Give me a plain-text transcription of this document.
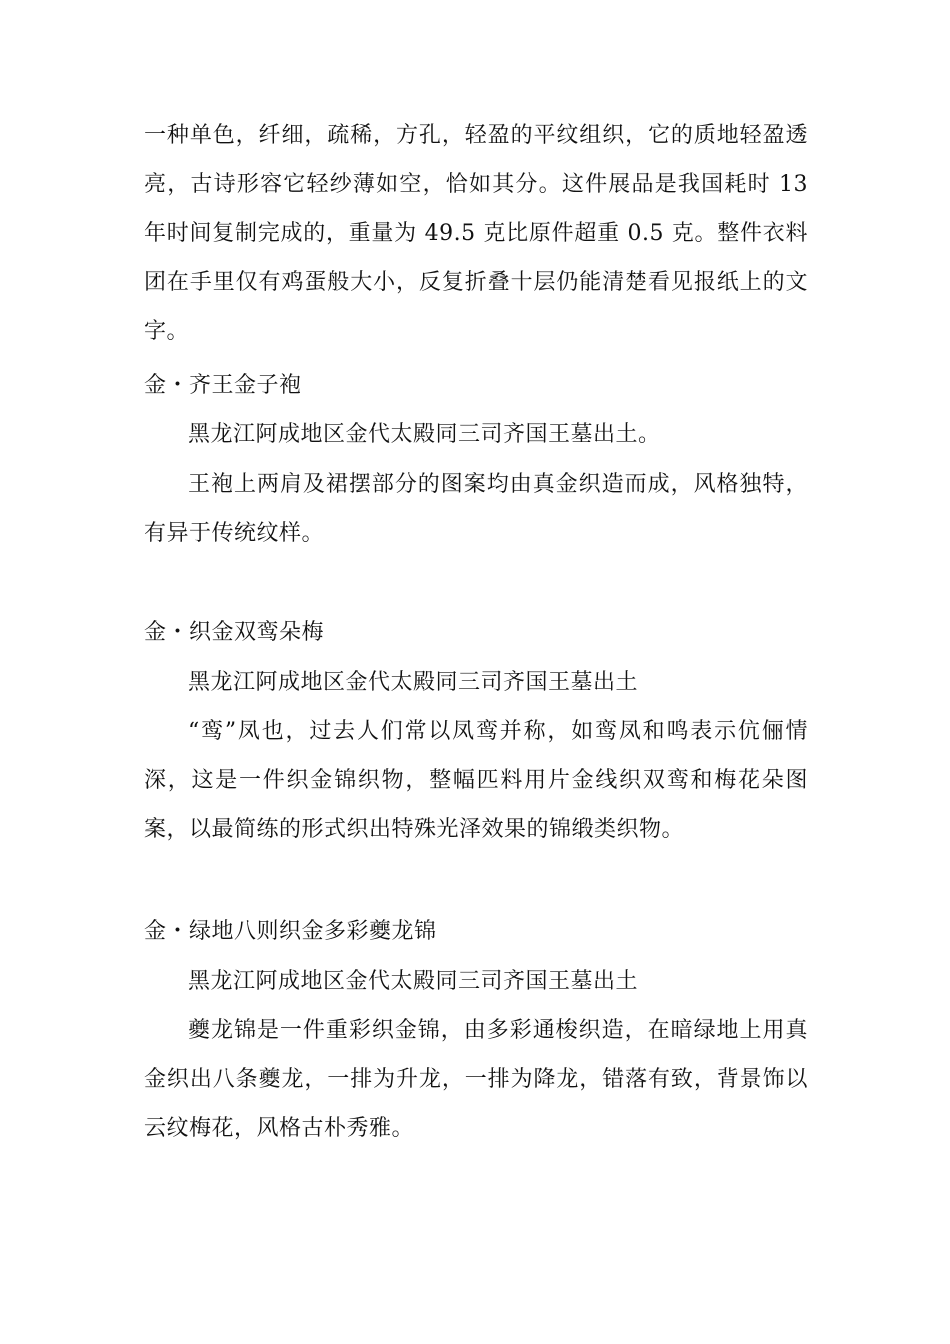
一种单色，纤细，疏稀，方孔，轻盈的平纹组织，它的质地轻盈透亮，古诗形容它轻纱薄如空，恰如其分。这件展品是我国耗时 13 年时间复制完成的，重量为 49.5 克比原件超重 0.5 克。整件衣料团在手里仅有鸡蛋般大小，反复折叠十层仍能清楚看见报纸上的文字。

金・齐王金子袍

黑龙江阿成地区金代太殿同三司齐国王墓出土。

王袍上两肩及裙摆部分的图案均由真金织造而成，风格独特，有异于传统纹样。

金・织金双鸾朵梅

黑龙江阿成地区金代太殿同三司齐国王墓出土

“鸾”凤也，过去人们常以凤鸾并称，如鸾凤和鸣表示伉俪情深，这是一件织金锦织物，整幅匹料用片金线织双鸾和梅花朵图案，以最简练的形式织出特殊光泽效果的锦缎类织物。

金・绿地八则织金多彩夔龙锦

黑龙江阿成地区金代太殿同三司齐国王墓出土

夔龙锦是一件重彩织金锦，由多彩通梭织造，在暗绿地上用真金织出八条夔龙，一排为升龙，一排为降龙，错落有致，背景饰以云纹梅花，风格古朴秀雅。
